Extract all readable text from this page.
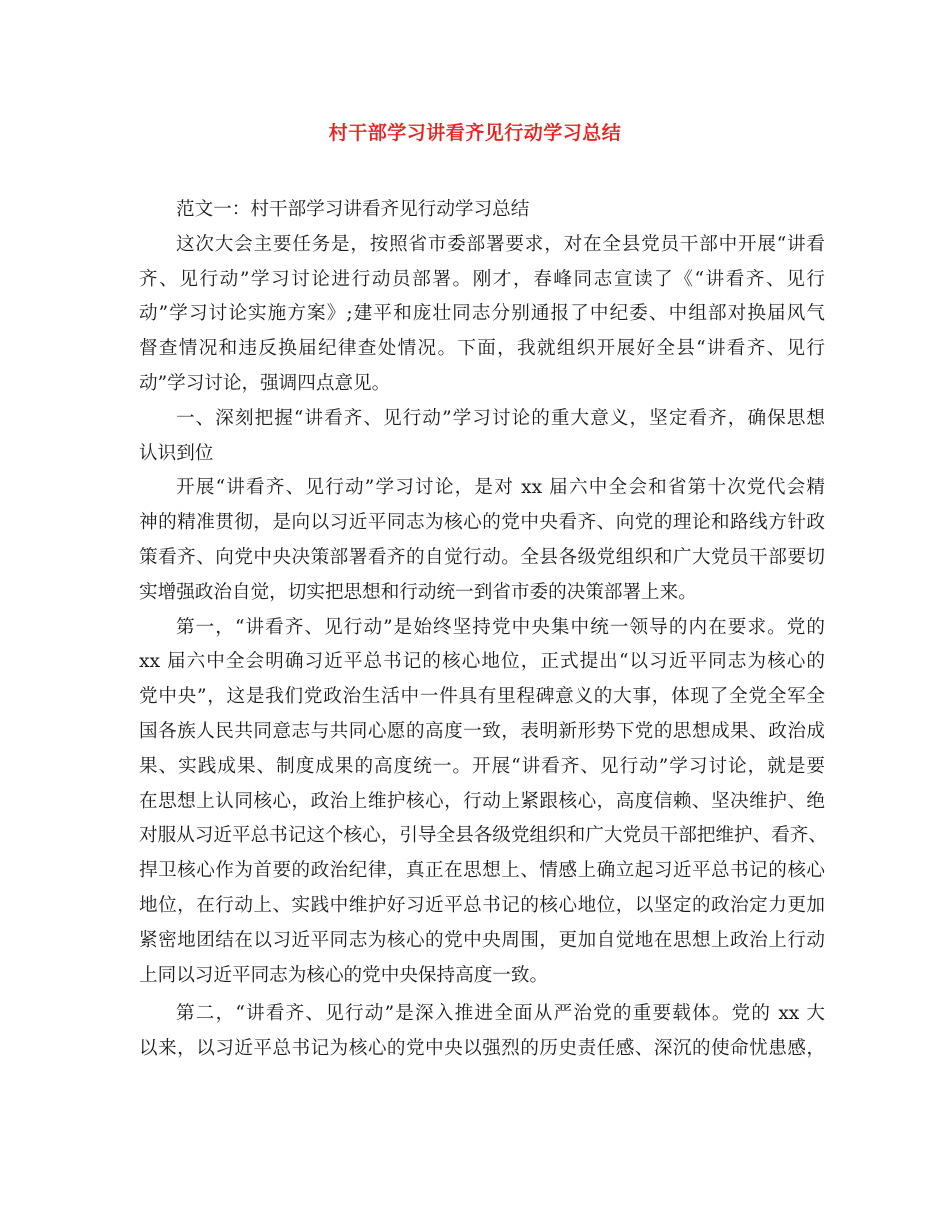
村干部学习讲看齐见行动学习总结
范文一：村干部学习讲看齐见行动学习总结
这次大会主要任务是，按照省市委部署要求，对在全县党员干部中开展“讲看
齐、见行动”学习讨论进行动员部署。刚才，春峰同志宣读了《“讲看齐、见行
动”学习讨论实施方案》;建平和庞壮同志分别通报了中纪委、中组部对换届风气
督查情况和违反换届纪律查处情况。下面，我就组织开展好全县“讲看齐、见行
动”学习讨论，强调四点意见。
一、深刻把握“讲看齐、见行动”学习讨论的重大意义，坚定看齐，确保思想
认识到位
开展“讲看齐、见行动”学习讨论，是对 xx 届六中全会和省第十次党代会精
神的精准贯彻，是向以习近平同志为核心的党中央看齐、向党的理论和路线方针政
策看齐、向党中央决策部署看齐的自觉行动。全县各级党组织和广大党员干部要切
实增强政治自觉，切实把思想和行动统一到省市委的决策部署上来。
第一，“讲看齐、见行动”是始终坚持党中央集中统一领导的内在要求。党的
xx 届六中全会明确习近平总书记的核心地位，正式提出“以习近平同志为核心的
党中央”，这是我们党政治生活中一件具有里程碑意义的大事，体现了全党全军全
国各族人民共同意志与共同心愿的高度一致，表明新形势下党的思想成果、政治成
果、实践成果、制度成果的高度统一。开展“讲看齐、见行动”学习讨论，就是要
在思想上认同核心，政治上维护核心，行动上紧跟核心，高度信赖、坚决维护、绝
对服从习近平总书记这个核心，引导全县各级党组织和广大党员干部把维护、看齐、
捍卫核心作为首要的政治纪律，真正在思想上、情感上确立起习近平总书记的核心
地位，在行动上、实践中维护好习近平总书记的核心地位，以坚定的政治定力更加
紧密地团结在以习近平同志为核心的党中央周围，更加自觉地在思想上政治上行动
上同以习近平同志为核心的党中央保持高度一致。
第二，“讲看齐、见行动”是深入推进全面从严治党的重要载体。党的 xx 大
以来，以习近平总书记为核心的党中央以强烈的历史责任感、深沉的使命忧患感，
